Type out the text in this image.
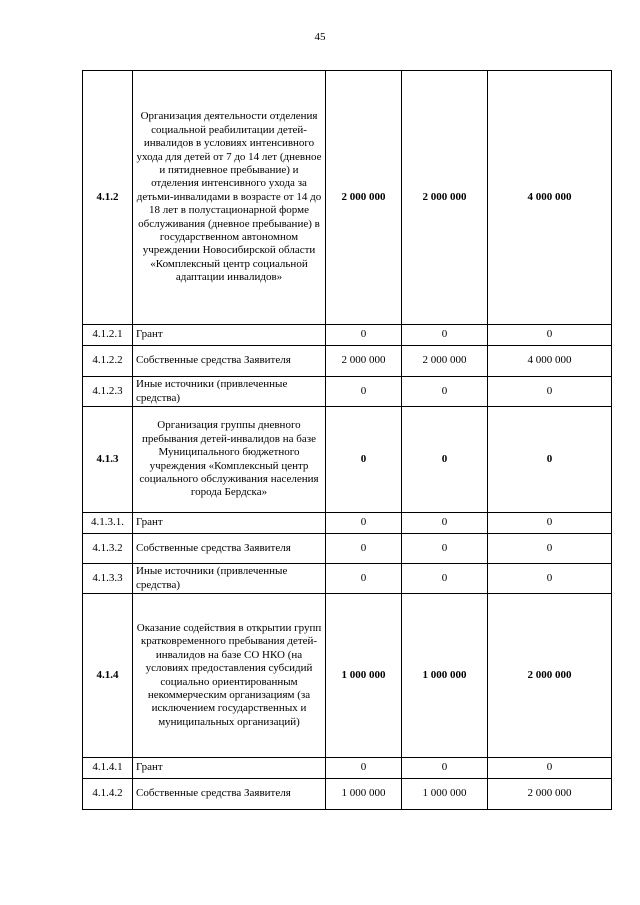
45
4.1.2	Организация деятельности отделения социальной реабилитации детей-инвалидов в условиях интенсивного ухода для детей от 7 до 14 лет (дневное и пятидневное пребывание) и отделения интенсивного ухода за детьми-инвалидами в возрасте от 14 до 18 лет в полустационарной форме обслуживания (дневное пребывание) в государственном автономном учреждении Новосибирской области «Комплексный центр социальной адаптации инвалидов»	2 000 000	2 000 000	4 000 000
4.1.2.1	Грант	0	0	0
4.1.2.2	Собственные средства Заявителя	2 000 000	2 000 000	4 000 000
4.1.2.3	Иные источники (привлеченные средства)	0	0	0
4.1.3	Организация группы дневного пребывания детей-инвалидов на базе Муниципального бюджетного учреждения «Комплексный центр социального обслуживания населения города Бердска»	0	0	0
4.1.3.1.	Грант	0	0	0
4.1.3.2	Собственные средства Заявителя	0	0	0
4.1.3.3	Иные источники (привлеченные средства)	0	0	0
4.1.4	Оказание содействия в открытии групп кратковременного пребывания детей-инвалидов на базе СО НКО (на условиях предоставления субсидий социально ориентированным некоммерческим организациям (за исключением государственных и муниципальных организаций)	1 000 000	1 000 000	2 000 000
4.1.4.1	Грант	0	0	0
4.1.4.2	Собственные средства Заявителя	1 000 000	1 000 000	2 000 000
